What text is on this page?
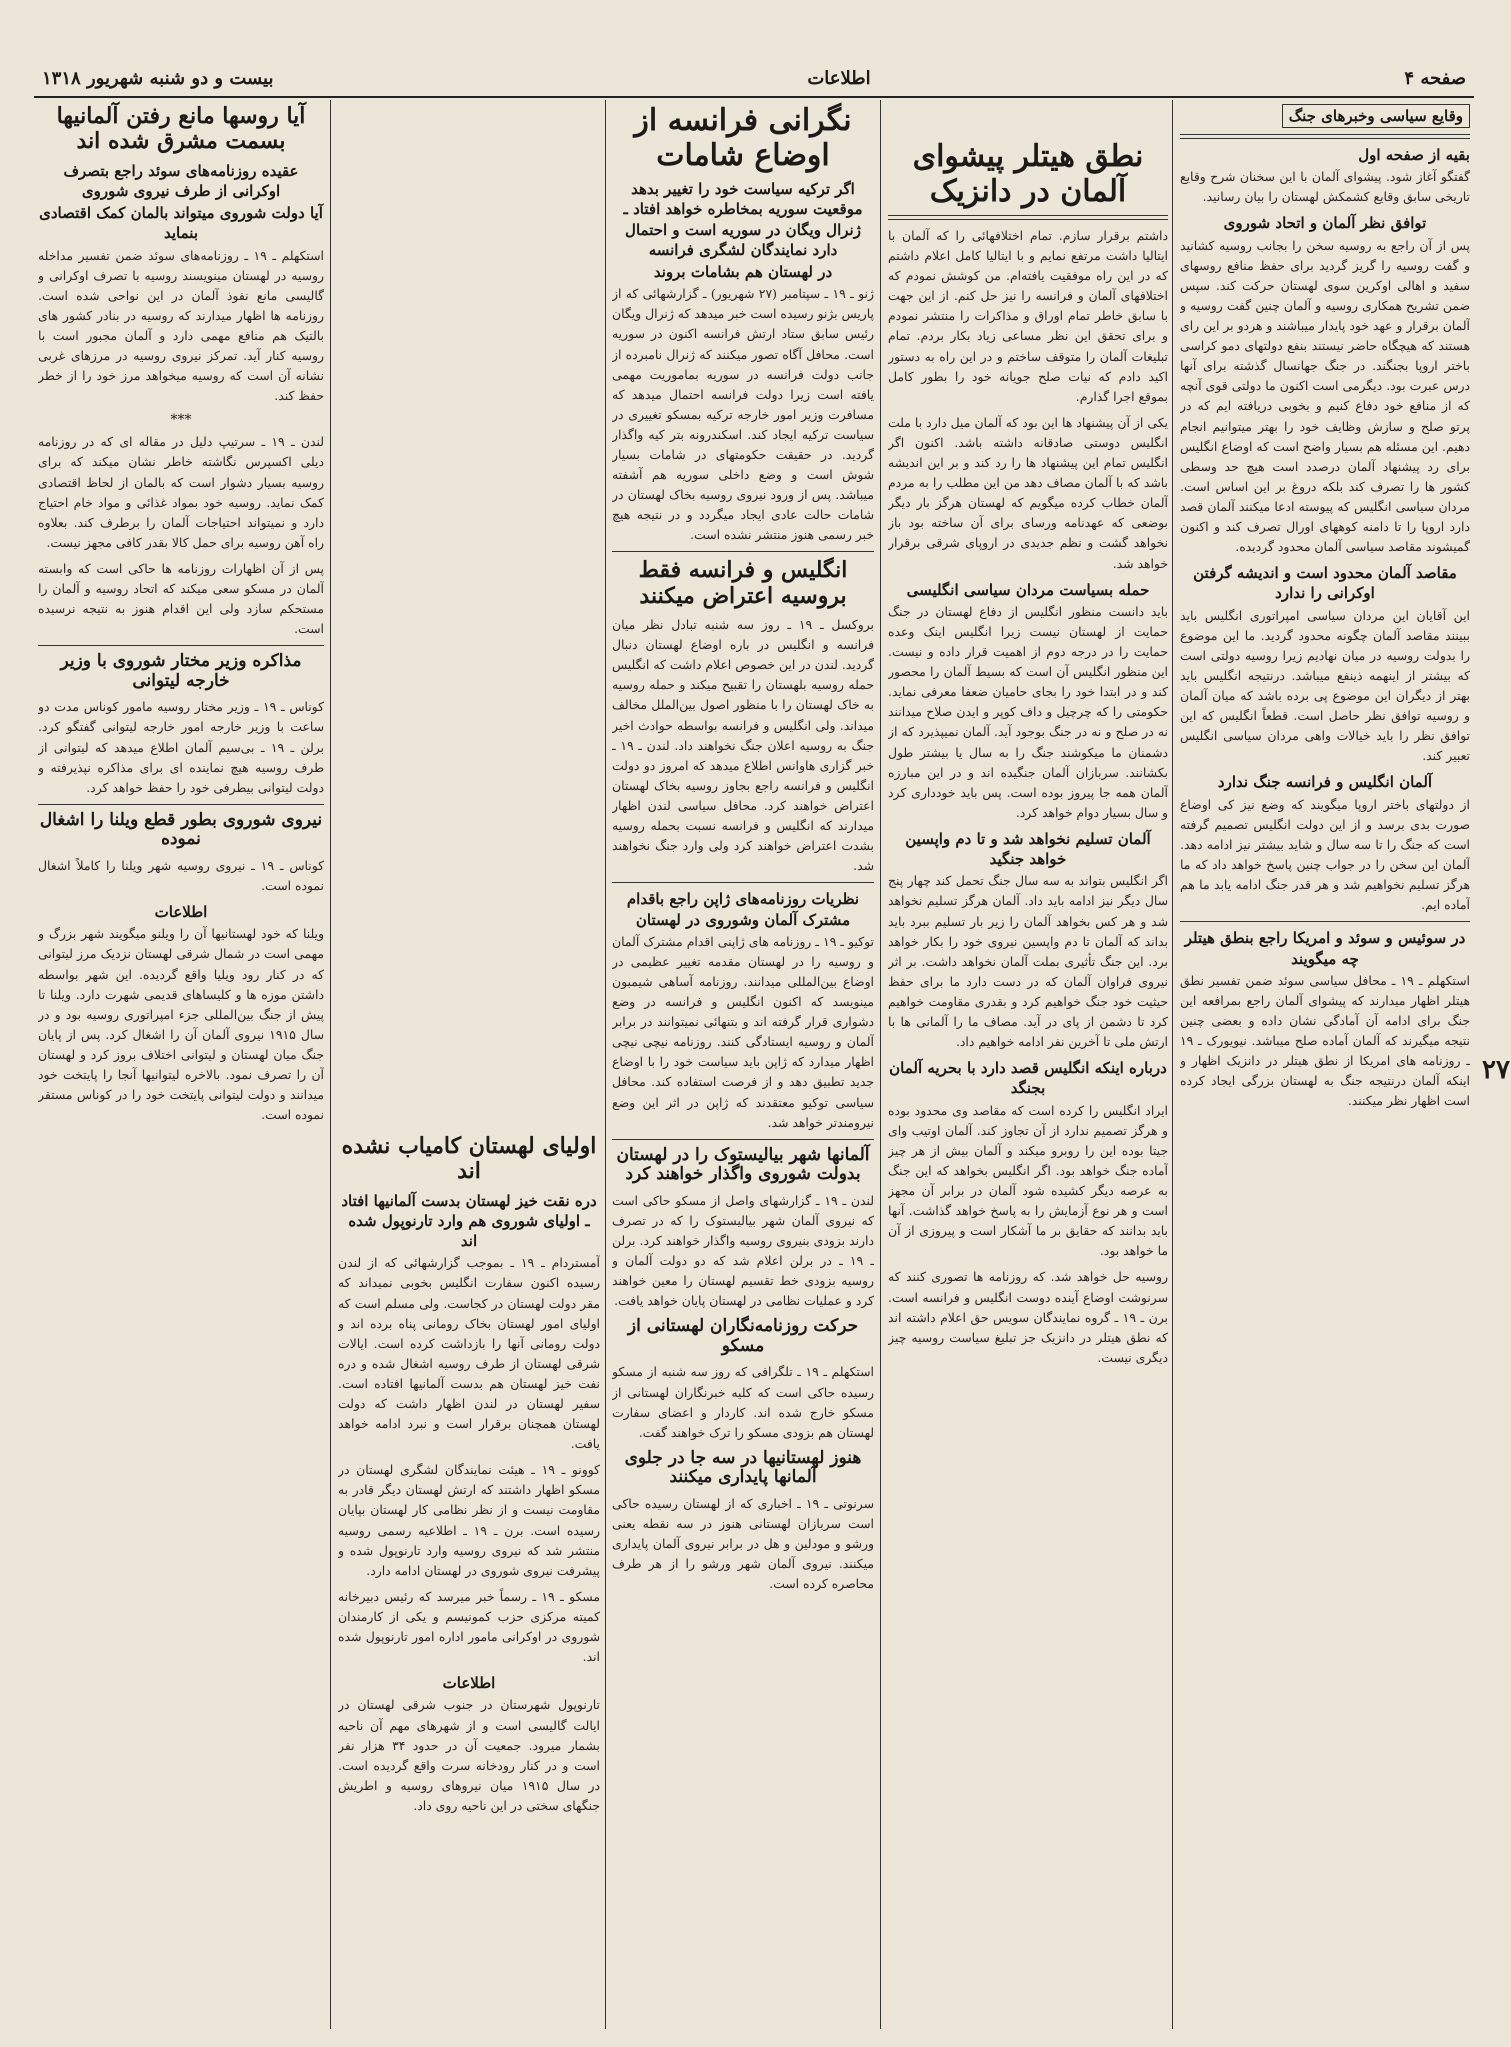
صفحه ۴
اطلاعات
بیست و دو شنبه شهریور ۱۳۱۸
وقایع سیاسی وخبرهای جنگ
بقیه از صفحه اول

گفتگو آغاز شود. پیشوای آلمان با این سخنان شرح وقایع تاریخی سابق وقایع کشمکش لهستان را بیان رسانید.

توافق نظر آلمان و اتحاد شوروی

پس از آن راجع به روسیه سخن را بجانب روسیه کشانید و گفت روسیه را گریز گردید برای حفظ منافع روسهای سفید و اهالی اوکرین سوی لهستان حرکت کند. سپس ضمن تشریح همکاری روسیه و آلمان چنین گفت روسیه و آلمان برقرار و عهد خود پایدار میباشند و هردو بر این رای هستند که هیچگاه حاضر نیستند بنفع دولتهای دمو کراسی باختر اروپا بجنگند. در جنگ جهانسال گذشته برای آنها درس عبرت بود. دیگرمی است اکنون ما دولتی قوی آنچه که از منافع خود دفاع کنیم و بخوبی دریافته ایم که در پرتو صلح و سازش وظایف خود را بهتر میتوانیم انجام دهیم. این مسئله هم بسیار واضح است که اوضاع انگلیس برای رد پیشنهاد آلمان درصدد است هیچ حد وسطی کشور ها را تصرف کند بلکه دروغ بر این اساس است. مردان سیاسی انگلیس که پیوسته ادعا میکنند آلمان قصد دارد اروپا را تا دامنه کوههای اورال تصرف کند و اکنون گمیشوند مقاصد سیاسی آلمان محدود گردیده.

مقاصد آلمان محدود است و اندیشه گرفتن اوکرانی را ندارد

این آقایان این مردان سیاسی امپراتوری انگلیس باید ببینند مقاصد آلمان چگونه محدود گردید. ما این موضوع را بدولت روسیه در میان نهادیم زیرا روسیه دولتی است که بیشتر از اینهمه ذینفع میباشد. درنتیجه انگلیس باید بهتر از دیگران این موضوع پی برده باشد که میان آلمان و روسیه توافق نظر حاصل است. قطعاً انگلیس که این توافق نظر را باید خیالات واهی مردان سیاسی انگلیس تعبیر کند.

آلمان انگلیس و فرانسه جنگ ندارد

از دولتهای باختر اروپا میگویند که وضع نیز کی اوضاع صورت بدی برسد و از این دولت انگلیس تصمیم گرفته است که جنگ را تا سه سال و شاید بیشتر نیز ادامه دهد. آلمان این سخن را در جواب چنین پاسخ خواهد داد که ما هرگز تسلیم نخواهیم شد و هر قدر جنگ ادامه یابد ما هم آماده ایم.

در سوئیس و سوئد و امریکا راجع بنطق هیتلر چه میگویند

استکهلم ـ ۱۹ ـ محافل سیاسی سوئد ضمن تفسیر نطق هیتلر اظهار میدارند که پیشوای آلمان راجع بمرافعه این جنگ برای ادامه آن آمادگی نشان داده و بعضی چنین نتیجه میگیرند که آلمان آماده صلح میباشد. نیویورک ـ ۱۹ ـ روزنامه های امریکا از نطق هیتلر در دانزیک اظهار و اینکه آلمان درنتیجه جنگ به لهستان بزرگی ایجاد کرده است اظهار نظر میکنند.

نطق هیتلر پیشوای آلمان در دانزیک

داشتم برقرار سازم. تمام اختلافهائی را که آلمان با ایتالیا داشت مرتفع نمایم و با ایتالیا کامل اعلام داشتم که در این راه موفقیت یافته‌ام. من کوشش نمودم که اختلافهای آلمان و فرانسه را نیز حل کنم. از این جهت با سابق خاطر تمام اوراق و مذاکرات را منتشر نمودم و برای تحقق این نظر مساعی زیاد بکار بردم. تمام تبلیغات آلمان را متوقف ساختم و در این راه به دستور اکید دادم که نیات صلح جویانه خود را بطور کامل بموقع اجرا گذارم.

یکی از آن پیشنهاد ها این بود که آلمان میل دارد با ملت انگلیس دوستی صادقانه داشته باشد. اکنون اگر انگلیس تمام این پیشنهاد ها را رد کند و بر این اندیشه باشد که با آلمان مصاف دهد من این مطلب را به مردم آلمان خطاب کرده میگویم که لهستان هرگز بار دیگر بوضعی که عهدنامه ورسای برای آن ساخته بود باز نخواهد گشت و نظم جدیدی در اروپای شرقی برقرار خواهد شد.

حمله بسیاست مردان سیاسی انگلیسی

باید دانست منظور انگلیس از دفاع لهستان در جنگ حمایت از لهستان نیست زیرا انگلیس اینک وعده حمایت را در درجه دوم از اهمیت قرار داده و نیست. این منظور انگلیس آن است که بسیط آلمان را محصور کند و در ابتدا خود را بجای حامیان ضعفا معرفی نماید. حکومتی را که چرچیل و داف کوپر و ایدن صلاح میدانند نه در صلح و نه در جنگ بوجود آید. آلمان نمیپذیرد که از دشمنان ما میکوشند جنگ را به سال یا بیشتر طول بکشانند. سربازان آلمان جنگیده اند و در این مبارزه آلمان همه جا پیروز بوده است. پس باید خودداری کرد و سال بسیار دوام خواهد کرد.

آلمان تسلیم نخواهد شد و تا دم واپسین خواهد جنگید

اگر انگلیس بتواند به سه سال جنگ تحمل کند چهار پنج سال دیگر نیز ادامه باید داد. آلمان هرگز تسلیم نخواهد شد و هر کس بخواهد آلمان را زیر بار تسلیم ببرد باید بداند که آلمان تا دم واپسین نیروی خود را بکار خواهد برد. این جنگ تأثیری بملت آلمان نخواهد داشت. بر اثر نیروی فراوان آلمان که در دست دارد ما برای حفظ حیثیت خود جنگ خواهیم کرد و بقدری مقاومت خواهیم کرد تا دشمن از پای در آید. مصاف ما را آلمانی ها با ارتش ملی تا آخرین نفر ادامه خواهیم داد.

درباره اینکه انگلیس قصد دارد با بحریه آلمان بجنگد

ایراد انگلیس را کرده است که مقاصد وی محدود بوده و هرگز تصمیم ندارد از آن تجاوز کند. آلمان اوتیب وای جیتا بوده این را روبرو میکند و آلمان بیش از هر چیز آماده جنگ خواهد بود. اگر انگلیس بخواهد که این جنگ به عرصه دیگر کشیده شود آلمان در برابر آن مجهز است و هر نوع آزمایش را به پاسخ خواهد گذاشت. آنها باید بدانند که حقایق بر ما آشکار است و پیروزی از آن ما خواهد بود.

روسیه حل خواهد شد. که روزنامه ها تصوری کنند که سرنوشت اوضاع آینده دوست انگلیس و فرانسه است. برن ـ ۱۹ ـ گروه نمایندگان سویس حق اعلام داشته اند که نطق هیتلر در دانزیک جز تبلیغ سیاست روسیه چیز دیگری نیست.

نگرانی فرانسه از اوضاع شامات
اگر ترکیه سیاست خود را تغییر بدهد موقعیت سوریه بمخاطره خواهد افتاد ـ ژنرال ویگان در سوریه است و احتمال دارد نمایندگان لشگری فرانسه
در لهستان هم بشامات بروند

ژنو ـ ۱۹ ـ سپتامبر (۲۷ شهریور) ـ گزارشهائی که از پاریس بژنو رسیده است خبر میدهد که ژنرال ویگان رئیس سابق ستاد ارتش فرانسه اکنون در سوریه است. محافل آگاه تصور میکنند که ژنرال نامبرده از جانب دولت فرانسه در سوریه بماموریت مهمی یافته است زیرا دولت فرانسه احتمال میدهد که مسافرت وزیر امور خارجه ترکیه بمسکو تغییری در سیاست ترکیه ایجاد کند. اسکندرونه بتر کیه واگذار گردید. در حقیقت حکومتهای در شامات بسیار شوش است و وضع داخلی سوریه هم آشفته میباشد. پس از ورود نیروی روسیه بخاک لهستان در شامات حالت عادی ایجاد میگردد و در نتیجه هیچ خبر رسمی هنوز منتشر نشده است.

انگلیس و فرانسه فقط بروسیه اعتراض میکنند

بروکسل ـ ۱۹ ـ روز سه شنبه تبادل نظر میان فرانسه و انگلیس در باره اوضاع لهستان دنبال گردید. لندن در این خصوص اعلام داشت که انگلیس حمله روسیه بلهستان را تقبیح میکند و حمله روسیه به خاک لهستان را با منظور اصول بین‌الملل مخالف میداند. ولی انگلیس و فرانسه بواسطه حوادث اخیر جنگ به روسیه اعلان جنگ نخواهند داد. لندن ـ ۱۹ ـ خبر گزاری هاوانس اطلاع میدهد که امروز دو دولت انگلیس و فرانسه راجع بجاوز روسیه بخاک لهستان اعتراض خواهند کرد. محافل سیاسی لندن اظهار میدارند که انگلیس و فرانسه نسبت بحمله روسیه بشدت اعتراض خواهند کرد ولی وارد جنگ نخواهند شد.

نظریات روزنامه‌های ژاپن راجع باقدام مشترک آلمان وشوروی در لهستان

توکیو ـ ۱۹ ـ روزنامه های ژاپنی اقدام مشترک آلمان و روسیه را در لهستان مقدمه تغییر عظیمی در اوضاع بین‌المللی میدانند. روزنامه آساهی شیمبون مینویسد که اکنون انگلیس و فرانسه در وضع دشواری قرار گرفته اند و بتنهائی نمیتوانند در برابر آلمان و روسیه ایستادگی کنند. روزنامه نیچی نیچی اظهار میدارد که ژاپن باید سیاست خود را با اوضاع جدید تطبیق دهد و از فرصت استفاده کند. محافل سیاسی توکیو معتقدند که ژاپن در اثر این وضع نیرومندتر خواهد شد.

آلمانها شهر بیالیستوک را در لهستان بدولت شوروی واگذار خواهند کرد

لندن ـ ۱۹ ـ گزارشهای واصل از مسکو حاکی است که نیروی آلمان شهر بیالیستوک را که در تصرف دارند بزودی بنیروی روسیه واگذار خواهند کرد. برلن ـ ۱۹ ـ در برلن اعلام شد که دو دولت آلمان و روسیه بزودی خط تقسیم لهستان را معین خواهند کرد و عملیات نظامی در لهستان پایان خواهد یافت.

حرکت روزنامه‌نگاران لهستانی از مسکو

استکهلم ـ ۱۹ ـ تلگرافی که روز سه شنبه از مسکو رسیده حاکی است که کلیه خبرنگاران لهستانی از مسکو خارج شده اند. کاردار و اعضای سفارت لهستان هم بزودی مسکو را ترک خواهند گفت.

هنوز لهستانیها در سه جا در جلوی آلمانها پایداری میکنند

سرنوتی ـ ۱۹ ـ اخباری که از لهستان رسیده حاکی است سربازان لهستانی هنوز در سه نقطه یعنی ورشو و مودلین و هل در برابر نیروی آلمان پایداری میکنند. نیروی آلمان شهر ورشو را از هر طرف محاصره کرده است.

اولیای لهستان کامیاب نشده اند
دره نقت خیز لهستان بدست آلمانیها افتاد ـ اولیای شوروی هم وارد تارنوپول شده اند

آمستردام ـ ۱۹ ـ بموجب گزارشهائی که از لندن رسیده اکنون سفارت انگلیس بخوبی نمیداند که مقر دولت لهستان در کجاست. ولی مسلم است که اولیای امور لهستان بخاک رومانی پناه برده اند و دولت رومانی آنها را بازداشت کرده است. ایالات شرقی لهستان از طرف روسیه اشغال شده و دره نفت خیز لهستان هم بدست آلمانیها افتاده است. سفیر لهستان در لندن اظهار داشت که دولت لهستان همچنان برقرار است و نبرد ادامه خواهد یافت.

کوونو ـ ۱۹ ـ هیئت نمایندگان لشگری لهستان در مسکو اظهار داشتند که ارتش لهستان دیگر قادر به مقاومت نیست و از نظر نظامی کار لهستان بپایان رسیده است. برن ـ ۱۹ ـ اطلاعیه رسمی روسیه منتشر شد که نیروی روسیه وارد تارنوپول شده و پیشرفت نیروی شوروی در لهستان ادامه دارد.

مسکو ـ ۱۹ ـ رسماً خبر میرسد که رئیس دبیرخانه کمیته مرکزی حزب کمونیسم و یکی از کارمندان شوروی در اوکرانی مامور اداره امور تارنوپول شده اند.

اطلاعات

تارنوپول شهرستان در جنوب شرقی لهستان در ایالت گالیسی است و از شهرهای مهم آن ناحیه بشمار میرود. جمعیت آن در حدود ۳۴ هزار نفر است و در کنار رودخانه سرت واقع گردیده است. در سال ۱۹۱۵ میان نیروهای روسیه و اطریش جنگهای سختی در این ناحیه روی داد.

آیا روسها مانع رفتن آلمانیها بسمت مشرق شده اند
عقیده روزنامه‌های سوئد راجع بتصرف اوکرانی از طرف نیروی شوروی
آیا دولت شوروی میتواند بالمان کمک اقتصادی بنماید

استکهلم ـ ۱۹ ـ روزنامه‌های سوئد ضمن تفسیر مداخله روسیه در لهستان مینویسند روسیه با تصرف اوکرانی و گالیسی مانع نفوذ آلمان در این نواحی شده است. روزنامه ها اظهار میدارند که روسیه در بنادر کشور های بالتیک هم منافع مهمی دارد و آلمان مجبور است با روسیه کنار آید. تمرکز نیروی روسیه در مرزهای غربی نشانه آن است که روسیه میخواهد مرز خود را از خطر حفظ کند.

***

لندن ـ ۱۹ ـ سرتیپ دلیل در مقاله ای که در روزنامه دیلی اکسپرس نگاشته خاطر نشان میکند که برای روسیه بسیار دشوار است که بالمان از لحاظ اقتصادی کمک نماید. روسیه خود بمواد غذائی و مواد خام احتیاج دارد و نمیتواند احتیاجات آلمان را برطرف کند. بعلاوه راه آهن روسیه برای حمل کالا بقدر کافی مجهز نیست.

پس از آن اظهارات روزنامه ها حاکی است که وابسته آلمان در مسکو سعی میکند که اتحاد روسیه و آلمان را مستحکم سازد ولی این اقدام هنوز به نتیجه نرسیده است.

مذاکره وزیر مختار شوروی با وزیر خارجه لیتوانی

کوناس ـ ۱۹ ـ وزیر مختار روسیه مامور کوناس مدت دو ساعت با وزیر خارجه امور خارجه لیتوانی گفتگو کرد. برلن ـ ۱۹ ـ بی‌سیم آلمان اطلاع میدهد که لیتوانی از طرف روسیه هیچ نماینده ای برای مذاکره نپذیرفته و دولت لیتوانی بیطرفی خود را حفظ خواهد کرد.

نیروی شوروی بطور قطع ویلنا را اشغال نموده

کوناس ـ ۱۹ ـ نیروی روسیه شهر ویلنا را کاملاً اشغال نموده است.

اطلاعات

ویلنا که خود لهستانیها آن را ویلنو میگویند شهر بزرگ و مهمی است در شمال شرقی لهستان نزدیک مرز لیتوانی که در کنار رود ویلیا واقع گردیده. این شهر بواسطه داشتن موزه ها و کلیساهای قدیمی شهرت دارد. ویلنا تا پیش از جنگ بین‌المللی جزء امپراتوری روسیه بود و در سال ۱۹۱۵ نیروی آلمان آن را اشغال کرد. پس از پایان جنگ میان لهستان و لیتوانی اختلاف بروز کرد و لهستان آن را تصرف نمود. بالاخره لیتوانیها آنجا را پایتخت خود میدانند و دولت لیتوانی پایتخت خود را در کوناس مستقر نموده است.

۲۷
